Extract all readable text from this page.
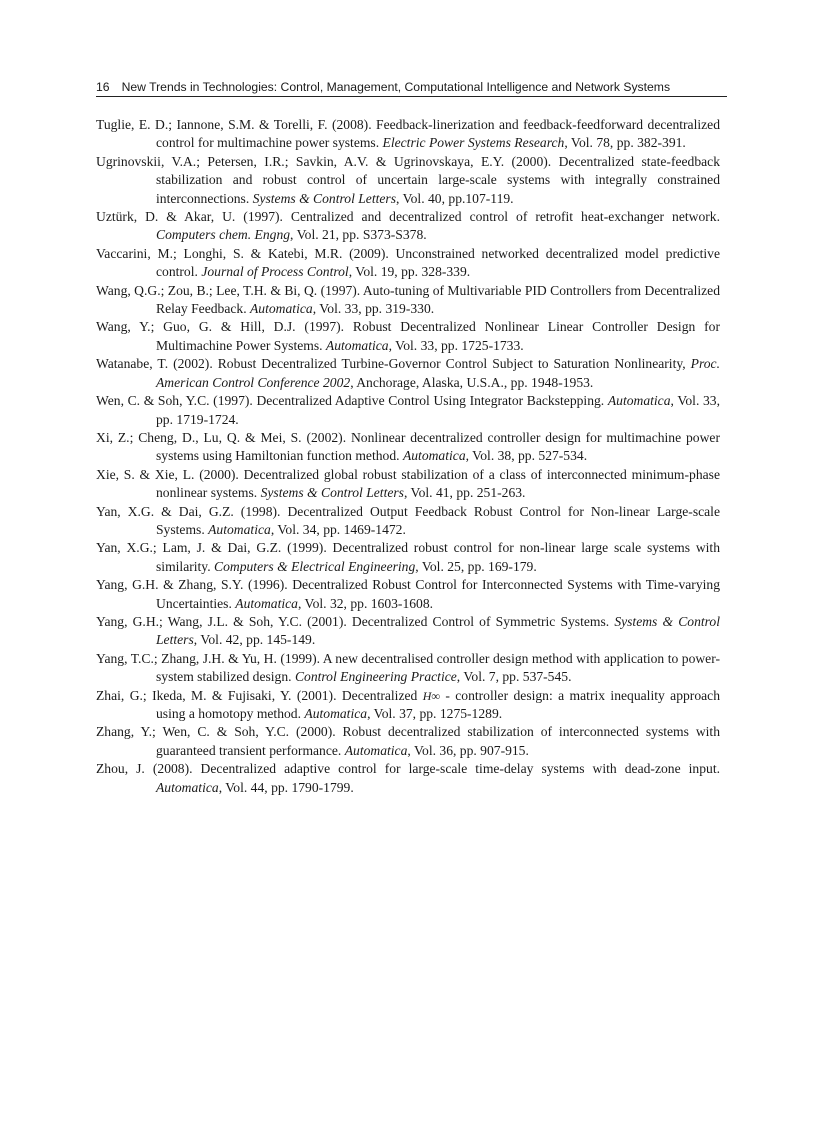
16 New Trends in Technologies: Control, Management, Computational Intelligence and Network Systems

Tuglie, E. D.; Iannone, S.M. & Torelli, F. (2008). Feedback-linerization and feedback-feedforward decentralized control for multimachine power systems. Electric Power Systems Research, Vol. 78, pp. 382-391.

Ugrinovskii, V.A.; Petersen, I.R.; Savkin, A.V. & Ugrinovskaya, E.Y. (2000). Decentralized state-feedback stabilization and robust control of uncertain large-scale systems with integrally constrained interconnections. Systems & Control Letters, Vol. 40, pp.107-119.

Uztürk, D. & Akar, U. (1997). Centralized and decentralized control of retrofit heat-exchanger network. Computers chem. Engng, Vol. 21, pp. S373-S378.

Vaccarini, M.; Longhi, S. & Katebi, M.R. (2009). Unconstrained networked decentralized model predictive control. Journal of Process Control, Vol. 19, pp. 328-339.

Wang, Q.G.; Zou, B.; Lee, T.H. & Bi, Q. (1997). Auto-tuning of Multivariable PID Controllers from Decentralized Relay Feedback. Automatica, Vol. 33, pp. 319-330.

Wang, Y.; Guo, G. & Hill, D.J. (1997). Robust Decentralized Nonlinear Linear Controller Design for Multimachine Power Systems. Automatica, Vol. 33, pp. 1725-1733.

Watanabe, T. (2002). Robust Decentralized Turbine-Governor Control Subject to Saturation Nonlinearity, Proc. American Control Conference 2002, Anchorage, Alaska, U.S.A., pp. 1948-1953.

Wen, C. & Soh, Y.C. (1997). Decentralized Adaptive Control Using Integrator Backstepping. Automatica, Vol. 33, pp. 1719-1724.

Xi, Z.; Cheng, D., Lu, Q. & Mei, S. (2002). Nonlinear decentralized controller design for multimachine power systems using Hamiltonian function method. Automatica, Vol. 38, pp. 527-534.

Xie, S. & Xie, L. (2000). Decentralized global robust stabilization of a class of interconnected minimum-phase nonlinear systems. Systems & Control Letters, Vol. 41, pp. 251-263.

Yan, X.G. & Dai, G.Z. (1998). Decentralized Output Feedback Robust Control for Non-linear Large-scale Systems. Automatica, Vol. 34, pp. 1469-1472.

Yan, X.G.; Lam, J. & Dai, G.Z. (1999). Decentralized robust control for non-linear large scale systems with similarity. Computers & Electrical Engineering, Vol. 25, pp. 169-179.

Yang, G.H. & Zhang, S.Y. (1996). Decentralized Robust Control for Interconnected Systems with Time-varying Uncertainties. Automatica, Vol. 32, pp. 1603-1608.

Yang, G.H.; Wang, J.L. & Soh, Y.C. (2001). Decentralized Control of Symmetric Systems. Systems & Control Letters, Vol. 42, pp. 145-149.

Yang, T.C.; Zhang, J.H. & Yu, H. (1999). A new decentralised controller design method with application to power-system stabilized design. Control Engineering Practice, Vol. 7, pp. 537-545.

Zhai, G.; Ikeda, M. & Fujisaki, Y. (2001). Decentralized H∞ - controller design: a matrix inequality approach using a homotopy method. Automatica, Vol. 37, pp. 1275-1289.

Zhang, Y.; Wen, C. & Soh, Y.C. (2000). Robust decentralized stabilization of interconnected systems with guaranteed transient performance. Automatica, Vol. 36, pp. 907-915.

Zhou, J. (2008). Decentralized adaptive control for large-scale time-delay systems with dead-zone input. Automatica, Vol. 44, pp. 1790-1799.
